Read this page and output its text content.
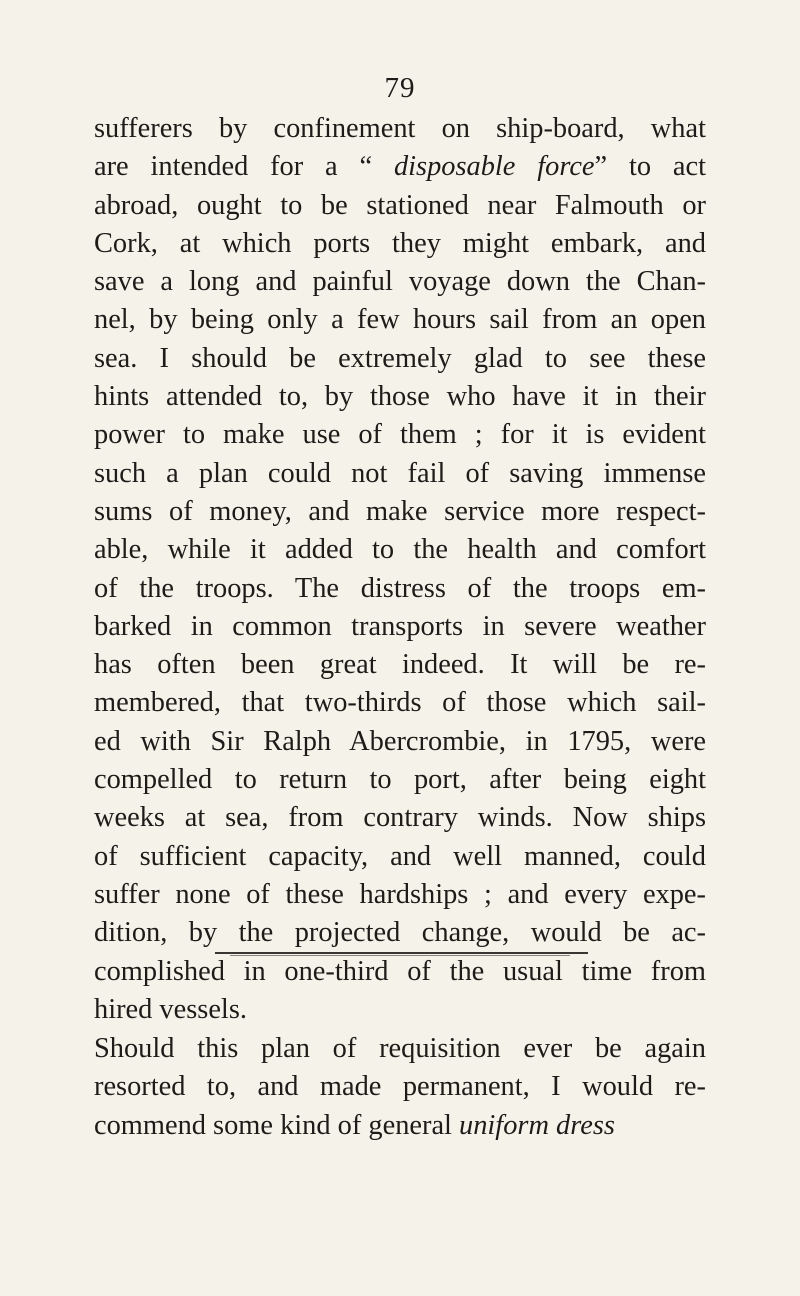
79
sufferers by confinement on ship-board, what
are intended for a “ disposable force” to act
abroad, ought to be stationed near Falmouth or
Cork, at which ports they might embark, and
save a long and painful voyage down the Chan-
nel, by being only a few hours sail from an open
sea. I should be extremely glad to see these
hints attended to, by those who have it in their
power to make use of them ; for it is evident
such a plan could not fail of saving immense
sums of money, and make service more respect-
able, while it added to the health and comfort
of the troops. The distress of the troops em-
barked in common transports in severe weather
has often been great indeed. It will be re-
membered, that two-thirds of those which sail-
ed with Sir Ralph Abercrombie, in 1795, were
compelled to return to port, after being eight
weeks at sea, from contrary winds. Now ships
of sufficient capacity, and well manned, could
suffer none of these hardships ; and every expe-
dition, by the projected change, would be ac-
complished in one-third of the usual time from
hired vessels.
Should this plan of requisition ever be again
resorted to, and made permanent, I would re-
commend some kind of general uniform dress
